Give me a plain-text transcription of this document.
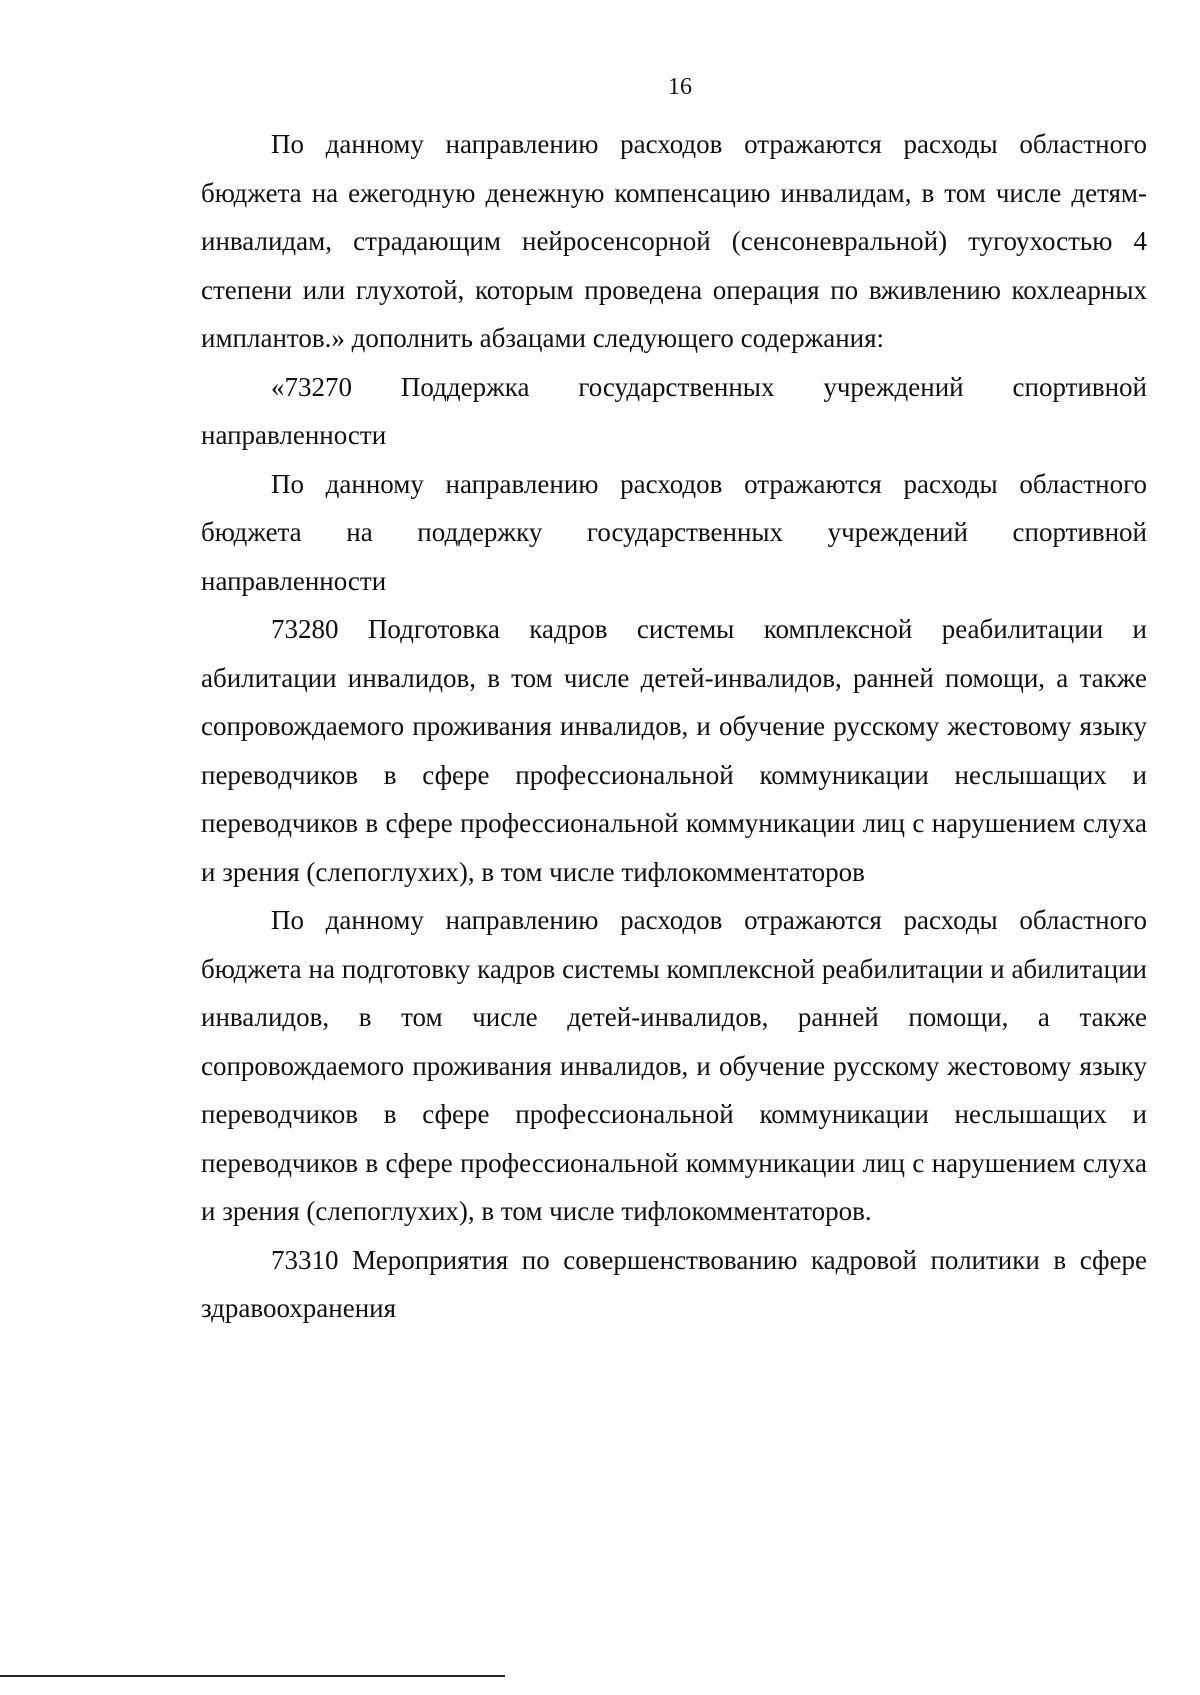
16

По данному направлению расходов отражаются расходы областного бюджета на ежегодную денежную компенсацию инвалидам, в том числе детям-инвалидам, страдающим нейросенсорной (сенсоневральной) тугоухостью 4 степени или глухотой, которым проведена операция по вживлению кохлеарных имплантов.» дополнить абзацами следующего содержания:

«73270 Поддержка государственных учреждений спортивной направленности

По данному направлению расходов отражаются расходы областного бюджета на поддержку государственных учреждений спортивной направленности

73280 Подготовка кадров системы комплексной реабилитации и абилитации инвалидов, в том числе детей-инвалидов, ранней помощи, а также сопровождаемого проживания инвалидов, и обучение русскому жестовому языку переводчиков в сфере профессиональной коммуникации неслышащих и переводчиков в сфере профессиональной коммуникации лиц с нарушением слуха и зрения (слепоглухих), в том числе тифлокомментаторов

По данному направлению расходов отражаются расходы областного бюджета на подготовку кадров системы комплексной реабилитации и абилитации инвалидов, в том числе детей-инвалидов, ранней помощи, а также сопровождаемого проживания инвалидов, и обучение русскому жестовому языку переводчиков в сфере профессиональной коммуникации неслышащих и переводчиков в сфере профессиональной коммуникации лиц с нарушением слуха и зрения (слепоглухих), в том числе тифлокомментаторов.

73310 Мероприятия по совершенствованию кадровой политики в сфере здравоохранения
